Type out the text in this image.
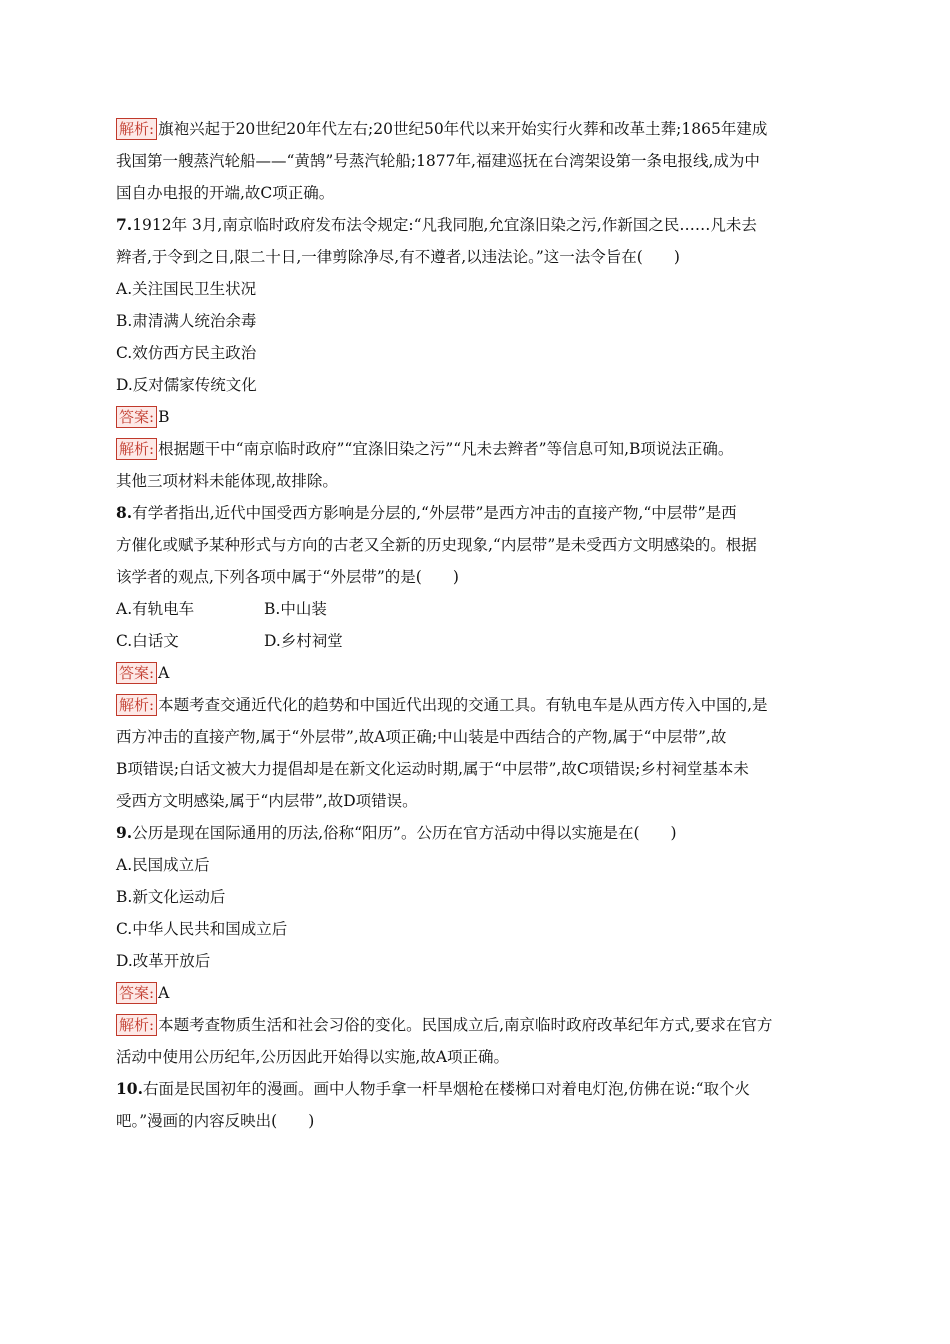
解析: 旗袍兴起于20世纪20年代左右;20世纪50年代以来开始实行火葬和改革土葬;1865年建成
我国第一艘蒸汽轮船——“黄鹄”号蒸汽轮船;1877年,福建巡抚在台湾架设第一条电报线,成为中
国自办电报的开端,故C项正确。
7.1912年 3月,南京临时政府发布法令规定:“凡我同胞,允宜涤旧染之污,作新国之民……凡未去
辫者,于令到之日,限二十日,一律剪除净尽,有不遵者,以违法论。”这一法令旨在(　　)
A.关注国民卫生状况
B.肃清满人统治余毒
C.效仿西方民主政治
D.反对儒家传统文化
答案: B
解析: 根据题干中“南京临时政府”“宜涤旧染之污”“凡未去辫者”等信息可知,B项说法正确。
其他三项材料未能体现,故排除。
8.有学者指出,近代中国受西方影响是分层的,“外层带”是西方冲击的直接产物,“中层带”是西
方催化或赋予某种形式与方向的古老又全新的历史现象,“内层带”是未受西方文明感染的。根据
该学者的观点,下列各项中属于“外层带”的是(　　)
A.有轨电车	B.中山装
C.白话文	D.乡村祠堂
答案: A
解析: 本题考查交通近代化的趋势和中国近代出现的交通工具。有轨电车是从西方传入中国的,是
西方冲击的直接产物,属于“外层带”,故A项正确;中山装是中西结合的产物,属于“中层带”,故
B项错误;白话文被大力提倡却是在新文化运动时期,属于“中层带”,故C项错误;乡村祠堂基本未
受西方文明感染,属于“内层带”,故D项错误。
9.公历是现在国际通用的历法,俗称“阳历”。公历在官方活动中得以实施是在(　　)
A.民国成立后
B.新文化运动后
C.中华人民共和国成立后
D.改革开放后
答案: A
解析: 本题考查物质生活和社会习俗的变化。民国成立后,南京临时政府改革纪年方式,要求在官方
活动中使用公历纪年,公历因此开始得以实施,故A项正确。
10.右面是民国初年的漫画。画中人物手拿一杆旱烟枪在楼梯口对着电灯泡,仿佛在说:“取个火
吧。”漫画的内容反映出(　　)
